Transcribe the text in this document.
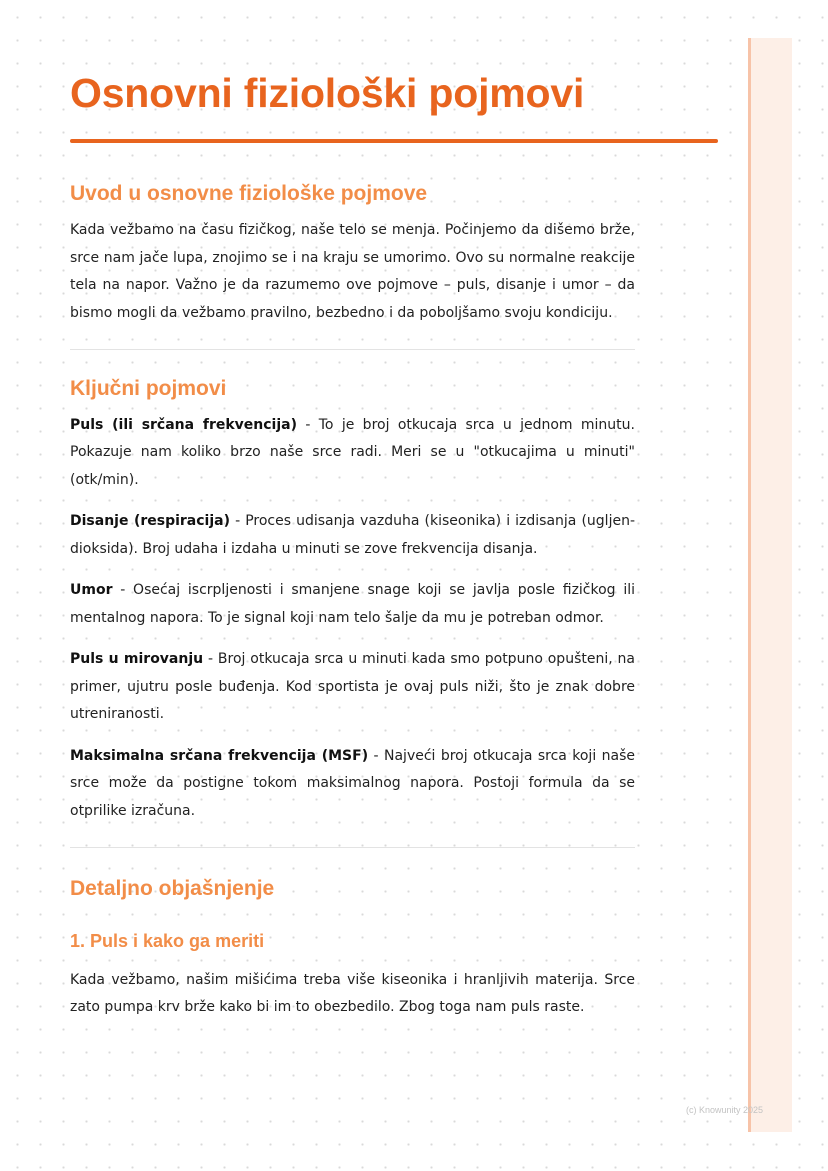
Osnovni fiziološki pojmovi
Uvod u osnovne fiziološke pojmove

Kada vežbamo na času fizičkog, naše telo se menja. Počinjemo da dišemo brže, srce nam jače lupa, znojimo se i na kraju se umorimo. Ovo su normalne reakcije tela na napor. Važno je da razumemo ove pojmove – puls, disanje i umor – da bismo mogli da vežbamo pravilno, bezbedno i da poboljšamo svoju kondiciju.

Ključni pojmovi

Puls (ili srčana frekvencija) - To je broj otkucaja srca u jednom minutu. Pokazuje nam koliko brzo naše srce radi. Meri se u "otkucajima u minuti" (otk/min).

Disanje (respiracija) - Proces udisanja vazduha (kiseonika) i izdisanja (ugljen-dioksida). Broj udaha i izdaha u minuti se zove frekvencija disanja.

Umor - Osećaj iscrpljenosti i smanjene snage koji se javlja posle fizičkog ili mentalnog napora. To je signal koji nam telo šalje da mu je potreban odmor.

Puls u mirovanju - Broj otkucaja srca u minuti kada smo potpuno opušteni, na primer, ujutru posle buđenja. Kod sportista je ovaj puls niži, što je znak dobre utreniranosti.

Maksimalna srčana frekvencija (MSF) - Najveći broj otkucaja srca koji naše srce može da postigne tokom maksimalnog napora. Postoji formula da se otprilike izračuna.

Detaljno objašnjenje
1. Puls i kako ga meriti

Kada vežbamo, našim mišićima treba više kiseonika i hranljivih materija. Srce zato pumpa krv brže kako bi im to obezbedilo. Zbog toga nam puls raste.

(c) Knowunity 2025
